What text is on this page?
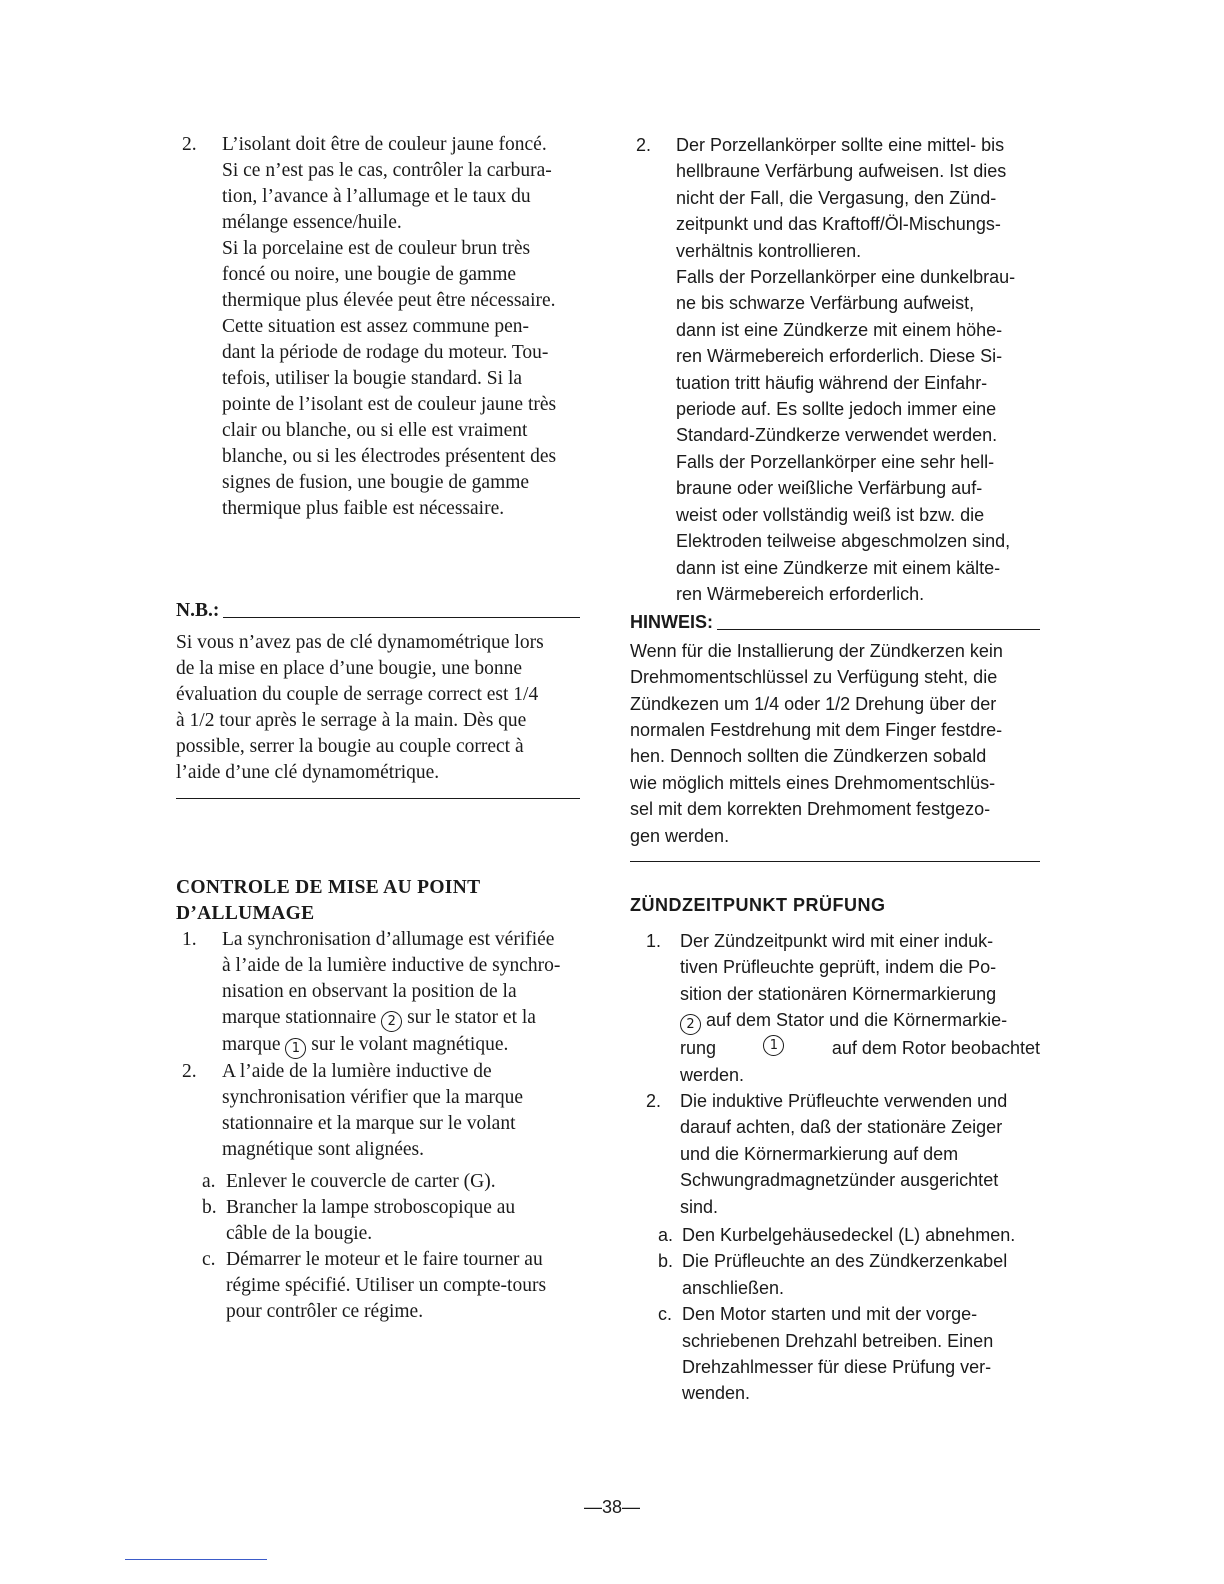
2. L’isolant doit être de couleur jaune foncé.

Si ce n’est pas le cas, contrôler la carbura-

tion, l’avance à l’allumage et le taux du

mélange essence/huile.

Si la porcelaine est de couleur brun très

foncé ou noire, une bougie de gamme

thermique plus élevée peut être nécessaire.

Cette situation est assez commune pen-

dant la période de rodage du moteur. Tou-

tefois, utiliser la bougie standard. Si la

pointe de l’isolant est de couleur jaune très

clair ou blanche, ou si elle est vraiment

blanche, ou si les électrodes présentent des

signes de fusion, une bougie de gamme

thermique plus faible est nécessaire.

N.B.:

Si vous n’avez pas de clé dynamométrique lors

de la mise en place d’une bougie, une bonne

évaluation du couple de serrage correct est 1/4

à 1/2 tour après le serrage à la main. Dès que

possible, serrer la bougie au couple correct à

l’aide d’une clé dynamométrique.

CONTROLE DE MISE AU POINT

D’ALLUMAGE

1. La synchronisation d’allumage est vérifiée

à l’aide de la lumière inductive de synchro-

nisation en observant la position de la

marque stationnaire 2 sur le stator et la

marque 1 sur le volant magnétique.

2. A l’aide de la lumière inductive de

synchronisation vérifier que la marque

stationnaire et la marque sur le volant

magnétique sont alignées.

a. Enlever le couvercle de carter (G).

b. Brancher la lampe stroboscopique au

câble de la bougie.

c. Démarrer le moteur et le faire tourner au

régime spécifié. Utiliser un compte-tours

pour contrôler ce régime.

2. Der Porzellankörper sollte eine mittel- bis

hellbraune Verfärbung aufweisen. Ist dies

nicht der Fall, die Vergasung, den Zünd-

zeitpunkt und das Kraftoff/Öl-Mischungs-

verhältnis kontrollieren.

Falls der Porzellankörper eine dunkelbrau-

ne bis schwarze Verfärbung aufweist,

dann ist eine Zündkerze mit einem höhe-

ren Wärmebereich erforderlich. Diese Si-

tuation tritt häufig während der Einfahr-

periode auf. Es sollte jedoch immer eine

Standard-Zündkerze verwendet werden.

Falls der Porzellankörper eine sehr hell-

braune oder weißliche Verfärbung auf-

weist oder vollständig weiß ist bzw. die

Elektroden teilweise abgeschmolzen sind,

dann ist eine Zündkerze mit einem kälte-

ren Wärmebereich erforderlich.

HINWEIS:

Wenn für die Installierung der Zündkerzen kein

Drehmomentschlüssel zu Verfügung steht, die

Zündkezen um 1/4 oder 1/2 Drehung über der

normalen Festdrehung mit dem Finger festdre-

hen. Dennoch sollten die Zündkerzen sobald

wie möglich mittels eines Drehmomentschlüs-

sel mit dem korrekten Drehmoment festgezo-

gen werden.

ZÜNDZEITPUNKT PRÜFUNG

1. Der Zündzeitpunkt wird mit einer induk-

tiven Prüfleuchte geprüft, indem die Po-

sition der stationären Körnermarkierung

2 auf dem Stator und die Körnermarkie-

rung	1	auf dem Rotor beobachtet

werden.

2. Die induktive Prüfleuchte verwenden und

darauf achten, daß der stationäre Zeiger

und die Körnermarkierung auf dem

Schwungradmagnetzünder ausgerichtet

sind.

a. Den Kurbelgehäusedeckel (L) abnehmen.

b. Die Prüfleuchte an des Zündkerzenkabel

anschließen.

c. Den Motor starten und mit der vorge-

schriebenen Drehzahl betreiben. Einen

Drehzahlmesser für diese Prüfung ver-

wenden.

—38—
